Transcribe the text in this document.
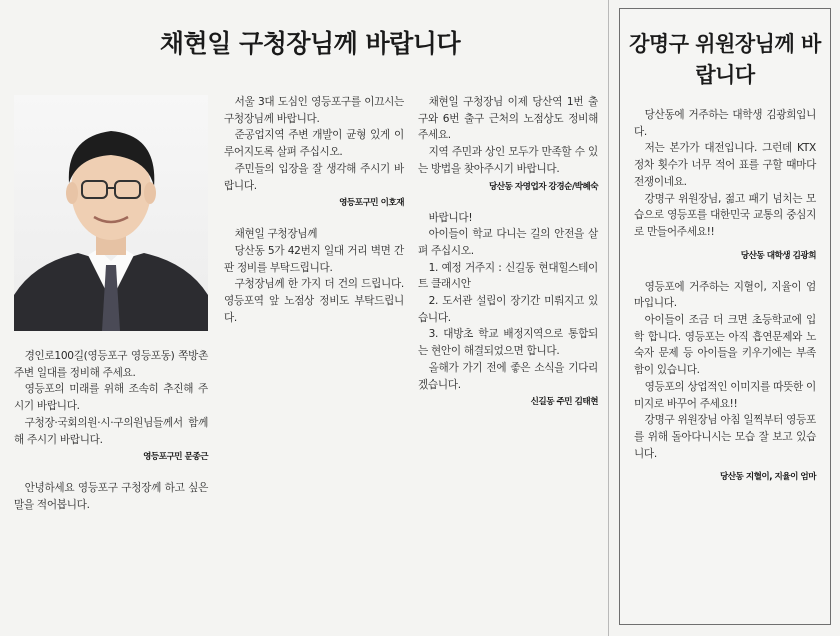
채현일 구청장님께 바랍니다

경인로100길(영등포구 영등포동) 쪽방촌 주변 일대를 정비해 주세요.

영등포의 미래를 위해 조속히 추진해 주시기 바랍니다.

구청장·국회의원·시·구의원님들께서 함께 해 주시기 바랍니다.

영등포구민 문종근

안녕하세요 영등포구 구청장께 하고 싶은 말을 적어봅니다.

서울 3대 도심인 영등포구를 이끄시는 구청장님께 바랍니다.

준공업지역 주변 개발이 균형 있게 이루어지도록 살펴 주십시오.

주민들의 입장을 잘 생각해 주시기 바랍니다.

영등포구민 이호재

채현일 구청장님께

당산동 5가 42번지 일대 거리 벽면 간판 정비를 부탁드립니다.

구청장님께 한 가지 더 건의 드립니다. 영등포역 앞 노점상 정비도 부탁드립니다.

채현일 구청장님 이제 당산역 1번 출구와 6번 출구 근처의 노점상도 정비해 주세요.

지역 주민과 상인 모두가 만족할 수 있는 방법을 찾아주시기 바랍니다.

당산동 자영업자 강경순/박혜숙

바랍니다!

아이들이 학교 다니는 길의 안전을 살펴 주십시오.

1. 예정 거주지 : 신길동 현대힐스테이트 클래시안

2. 도서관 설립이 장기간 미뤄지고 있습니다.

3. 대방초 학교 배정지역으로 통합되는 현안이 해결되었으면 합니다.

올해가 가기 전에 좋은 소식을 기다리겠습니다.

신길동 주민 김태현
강명구 위원장님께 바랍니다

당산동에 거주하는 대학생 김광희입니다.

저는 본가가 대전입니다. 그런데 KTX 정차 횟수가 너무 적어 표를 구할 때마다 전쟁이네요.

강명구 위원장님, 젊고 패기 넘치는 모습으로 영등포를 대한민국 교통의 중심지로 만들어주세요!!

당산동 대학생 김광희

영등포에 거주하는 지혈이, 지율이 엄마입니다.

아이들이 조금 더 크면 초등학교에 입학 합니다. 영등포는 아직 흡연문제와 노숙자 문제 등 아이들을 키우기에는 부족함이 있습니다.

영등포의 상업적인 이미지를 따뜻한 이미지로 바꾸어 주세요!!

강명구 위원장님 아침 일찍부터 영등포를 위해 돌아다니시는 모습 잘 보고 있습니다.

당산동 지혈이, 지율이 엄마
